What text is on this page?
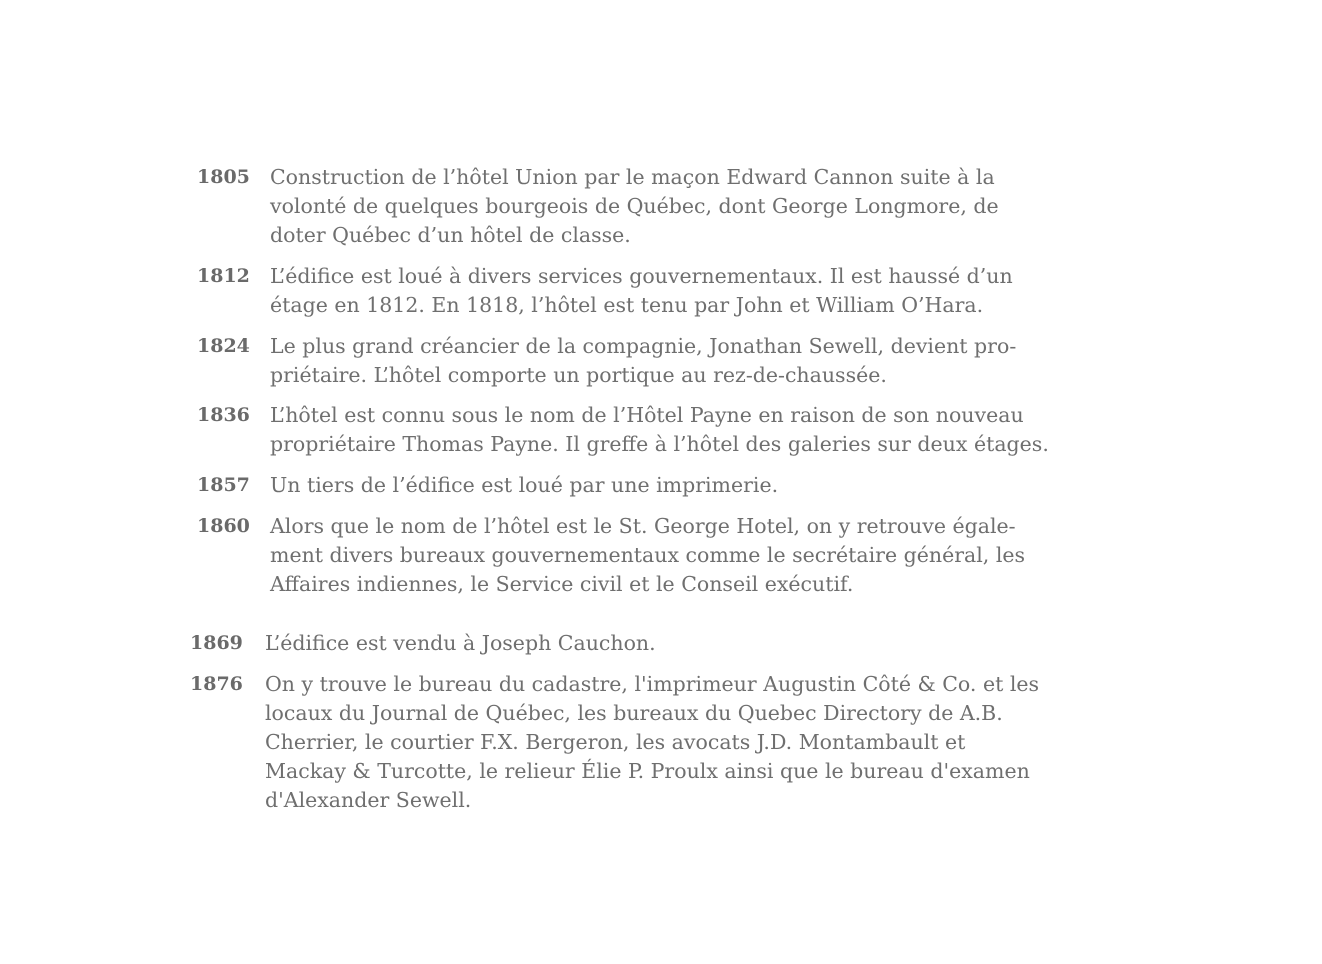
1805 Construction de l’hôtel Union par le maçon Edward Cannon suite à la
volonté de quelques bourgeois de Québec, dont George Longmore, de
doter Québec d’un hôtel de classe.
1812 L’édifice est loué à divers services gouvernementaux. Il est haussé d’un
étage en 1812. En 1818, l’hôtel est tenu par John et William O’Hara.
1824 Le plus grand créancier de la compagnie, Jonathan Sewell, devient pro-
priétaire. L’hôtel comporte un portique au rez-de-chaussée.
1836 L’hôtel est connu sous le nom de l’Hôtel Payne en raison de son nouveau
propriétaire Thomas Payne. Il greffe à l’hôtel des galeries sur deux étages.
1857 Un tiers de l’édifice est loué par une imprimerie.
1860 Alors que le nom de l’hôtel est le St. George Hotel, on y retrouve égale-
ment divers bureaux gouvernementaux comme le secrétaire général, les
Affaires indiennes, le Service civil et le Conseil exécutif.
1869 L’édifice est vendu à Joseph Cauchon.
1876 On y trouve le bureau du cadastre, l'imprimeur Augustin Côté & Co. et les
locaux du Journal de Québec, les bureaux du Quebec Directory de A.B.
Cherrier, le courtier F.X. Bergeron, les avocats J.D. Montambault et
Mackay & Turcotte, le relieur Élie P. Proulx ainsi que le bureau d'examen
d'Alexander Sewell.
